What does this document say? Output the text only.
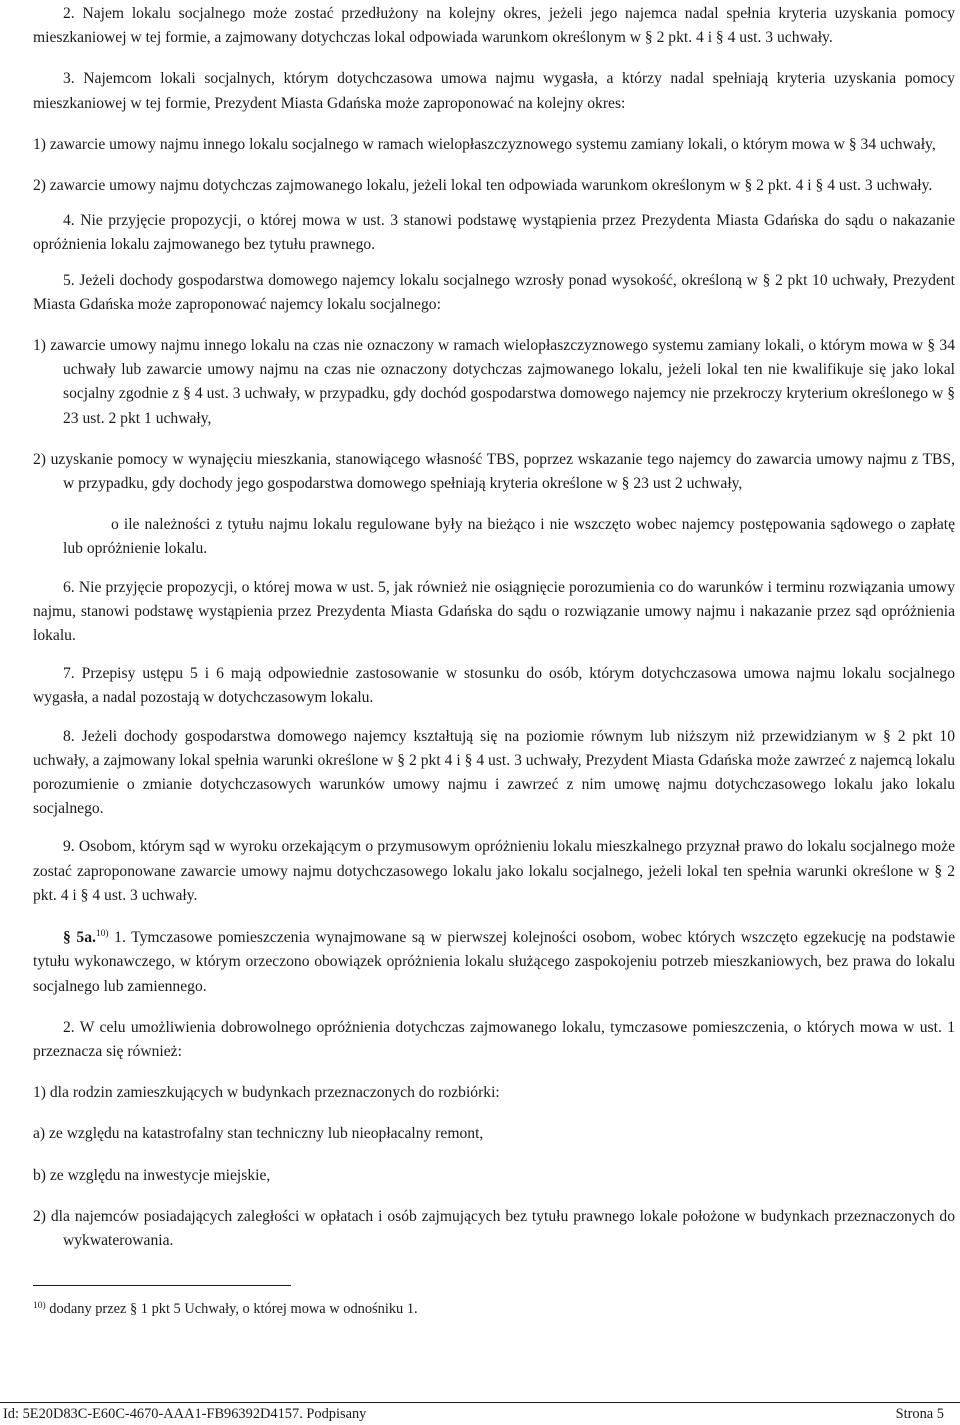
2. Najem lokalu socjalnego może zostać przedłużony na kolejny okres, jeżeli jego najemca nadal spełnia kryteria uzyskania pomocy mieszkaniowej w tej formie, a zajmowany dotychczas lokal odpowiada warunkom określonym w § 2 pkt. 4 i § 4 ust. 3 uchwały.

3. Najemcom lokali socjalnych, którym dotychczasowa umowa najmu wygasła, a którzy nadal spełniają kryteria uzyskania pomocy mieszkaniowej w tej formie, Prezydent Miasta Gdańska może zaproponować na kolejny okres:

1) zawarcie umowy najmu innego lokalu socjalnego w ramach wielopłaszczyznowego systemu zamiany lokali, o którym mowa w § 34 uchwały,

2) zawarcie umowy najmu dotychczas zajmowanego lokalu, jeżeli lokal ten odpowiada warunkom określonym w § 2 pkt. 4 i § 4 ust. 3 uchwały.

4. Nie przyjęcie propozycji, o której mowa w ust. 3 stanowi podstawę wystąpienia przez Prezydenta Miasta Gdańska do sądu o nakazanie opróżnienia lokalu zajmowanego bez tytułu prawnego.

5. Jeżeli dochody gospodarstwa domowego najemcy lokalu socjalnego wzrosły ponad wysokość, określoną w § 2 pkt 10 uchwały, Prezydent Miasta Gdańska może zaproponować najemcy lokalu socjalnego:

1) zawarcie umowy najmu innego lokalu na czas nie oznaczony w ramach wielopłaszczyznowego systemu zamiany lokali, o którym mowa w § 34 uchwały lub zawarcie umowy najmu na czas nie oznaczony dotychczas zajmowanego lokalu, jeżeli lokal ten nie kwalifikuje się jako lokal socjalny zgodnie z § 4 ust. 3 uchwały, w przypadku, gdy dochód gospodarstwa domowego najemcy nie przekroczy kryterium określonego w § 23 ust. 2 pkt 1 uchwały,

2) uzyskanie pomocy w wynajęciu mieszkania, stanowiącego własność TBS, poprzez wskazanie tego najemcy do zawarcia umowy najmu z TBS, w przypadku, gdy dochody jego gospodarstwa domowego spełniają kryteria określone w § 23 ust 2 uchwały,

o ile należności z tytułu najmu lokalu regulowane były na bieżąco i nie wszczęto wobec najemcy postępowania sądowego o zapłatę lub opróżnienie lokalu.

6. Nie przyjęcie propozycji, o której mowa w ust. 5, jak również nie osiągnięcie porozumienia co do warunków i terminu rozwiązania umowy najmu, stanowi podstawę wystąpienia przez Prezydenta Miasta Gdańska do sądu o rozwiązanie umowy najmu i nakazanie przez sąd opróżnienia lokalu.

7. Przepisy ustępu 5 i 6 mają odpowiednie zastosowanie w stosunku do osób, którym dotychczasowa umowa najmu lokalu socjalnego wygasła, a nadal pozostają w dotychczasowym lokalu.

8. Jeżeli dochody gospodarstwa domowego najemcy kształtują się na poziomie równym lub niższym niż przewidzianym w § 2 pkt 10 uchwały, a zajmowany lokal spełnia warunki określone w § 2 pkt 4 i § 4 ust. 3 uchwały, Prezydent Miasta Gdańska może zawrzeć z najemcą lokalu porozumienie o zmianie dotychczasowych warunków umowy najmu i zawrzeć z nim umowę najmu dotychczasowego lokalu jako lokalu socjalnego.

9. Osobom, którym sąd w wyroku orzekającym o przymusowym opróżnieniu lokalu mieszkalnego przyznał prawo do lokalu socjalnego może zostać zaproponowane zawarcie umowy najmu dotychczasowego lokalu jako lokalu socjalnego, jeżeli lokal ten spełnia warunki określone w § 2 pkt. 4 i § 4 ust. 3 uchwały.

§ 5a.$^{10)}$ 1. Tymczasowe pomieszczenia wynajmowane są w pierwszej kolejności osobom, wobec których wszczęto egzekucję na podstawie tytułu wykonawczego, w którym orzeczono obowiązek opróżnienia lokalu służącego zaspokojeniu potrzeb mieszkaniowych, bez prawa do lokalu socjalnego lub zamiennego.

2. W celu umożliwienia dobrowolnego opróżnienia dotychczas zajmowanego lokalu, tymczasowe pomieszczenia, o których mowa w ust. 1 przeznacza się również:

1) dla rodzin zamieszkujących w budynkach przeznaczonych do rozbiórki:

a) ze względu na katastrofalny stan techniczny lub nieopłacalny remont,

b) ze względu na inwestycje miejskie,

2) dla najemców posiadających zaległości w opłatach i osób zajmujących bez tytułu prawnego lokale położone w budynkach przeznaczonych do wykwaterowania.

$^{10)}$ dodany przez § 1 pkt 5 Uchwały, o której mowa w odnośniku 1.
Id: 5E20D83C-E60C-4670-AAA1-FB96392D4157. Podpisany	Strona 5
